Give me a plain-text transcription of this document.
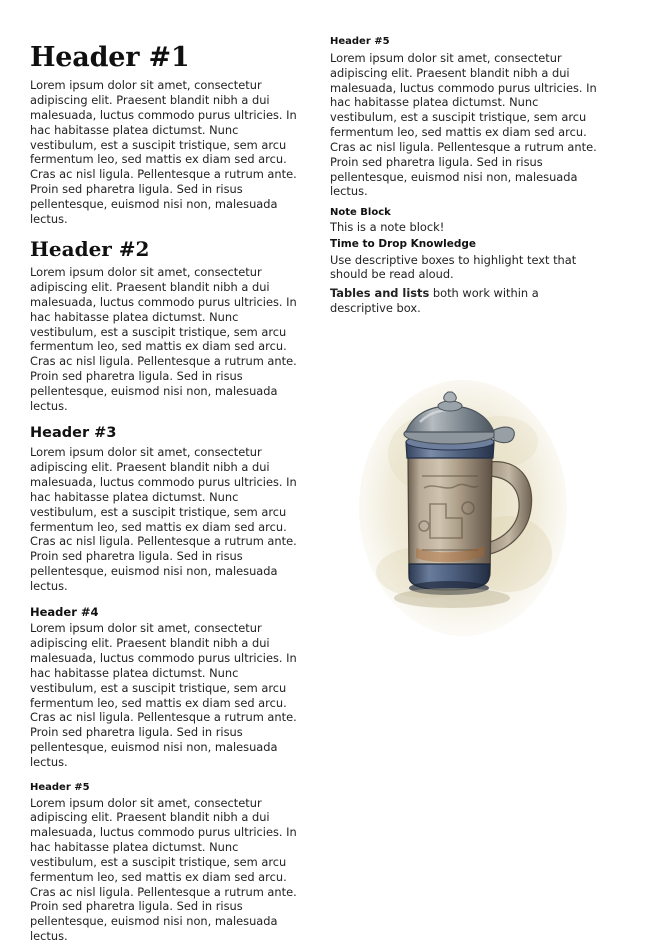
Header #1

Lorem ipsum dolor sit amet, consectetur adipiscing elit. Praesent blandit nibh a dui malesuada, luctus commodo purus ultricies. In hac habitasse platea dictumst. Nunc vestibulum, est a suscipit tristique, sem arcu fermentum leo, sed mattis ex diam sed arcu. Cras ac nisl ligula. Pellentesque a rutrum ante. Proin sed pharetra ligula. Sed in risus pellentesque, euismod nisi non, malesuada lectus.

Header #2

Lorem ipsum dolor sit amet, consectetur adipiscing elit. Praesent blandit nibh a dui malesuada, luctus commodo purus ultricies. In hac habitasse platea dictumst. Nunc vestibulum, est a suscipit tristique, sem arcu fermentum leo, sed mattis ex diam sed arcu. Cras ac nisl ligula. Pellentesque a rutrum ante. Proin sed pharetra ligula. Sed in risus pellentesque, euismod nisi non, malesuada lectus.

Header #3

Lorem ipsum dolor sit amet, consectetur adipiscing elit. Praesent blandit nibh a dui malesuada, luctus commodo purus ultricies. In hac habitasse platea dictumst. Nunc vestibulum, est a suscipit tristique, sem arcu fermentum leo, sed mattis ex diam sed arcu. Cras ac nisl ligula. Pellentesque a rutrum ante. Proin sed pharetra ligula. Sed in risus pellentesque, euismod nisi non, malesuada lectus.

Header #4

Lorem ipsum dolor sit amet, consectetur adipiscing elit. Praesent blandit nibh a dui malesuada, luctus commodo purus ultricies. In hac habitasse platea dictumst. Nunc vestibulum, est a suscipit tristique, sem arcu fermentum leo, sed mattis ex diam sed arcu. Cras ac nisl ligula. Pellentesque a rutrum ante. Proin sed pharetra ligula. Sed in risus pellentesque, euismod nisi non, malesuada lectus.

Header #5

Lorem ipsum dolor sit amet, consectetur adipiscing elit. Praesent blandit nibh a dui malesuada, luctus commodo purus ultricies. In hac habitasse platea dictumst. Nunc vestibulum, est a suscipit tristique, sem arcu fermentum leo, sed mattis ex diam sed arcu. Cras ac nisl ligula. Pellentesque a rutrum ante. Proin sed pharetra ligula. Sed in risus pellentesque, euismod nisi non, malesuada lectus.

Header #5

Lorem ipsum dolor sit amet, consectetur adipiscing elit. Praesent blandit nibh a dui malesuada, luctus commodo purus ultricies. In hac habitasse platea dictumst. Nunc vestibulum, est a suscipit tristique, sem arcu fermentum leo, sed mattis ex diam sed arcu. Cras ac nisl ligula. Pellentesque a rutrum ante. Proin sed pharetra ligula. Sed in risus pellentesque, euismod nisi non, malesuada lectus.

Note Block
This is a note block!
Time to Drop Knowledge
Use descriptive boxes to highlight text that should be read aloud.
Tables and lists both work within a descriptive box.
